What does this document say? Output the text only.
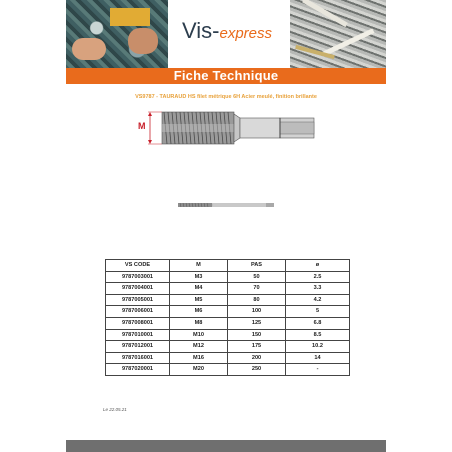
Vis-express
Fiche Technique
VS9787 - TAURAUD HS filet métrique 6H Acier meulé, finition brillante
M
VS CODE	M	PAS	ø
9787003001	M3	50	2.5
9787004001	M4	70	3.3
9787005001	M5	80	4.2
9787006001	M6	100	5
9787008001	M8	125	6.8
9787010001	M10	150	8.5
9787012001	M12	175	10.2
9787016001	M16	200	14
9787020001	M20	250	-
Le 22.05.21
